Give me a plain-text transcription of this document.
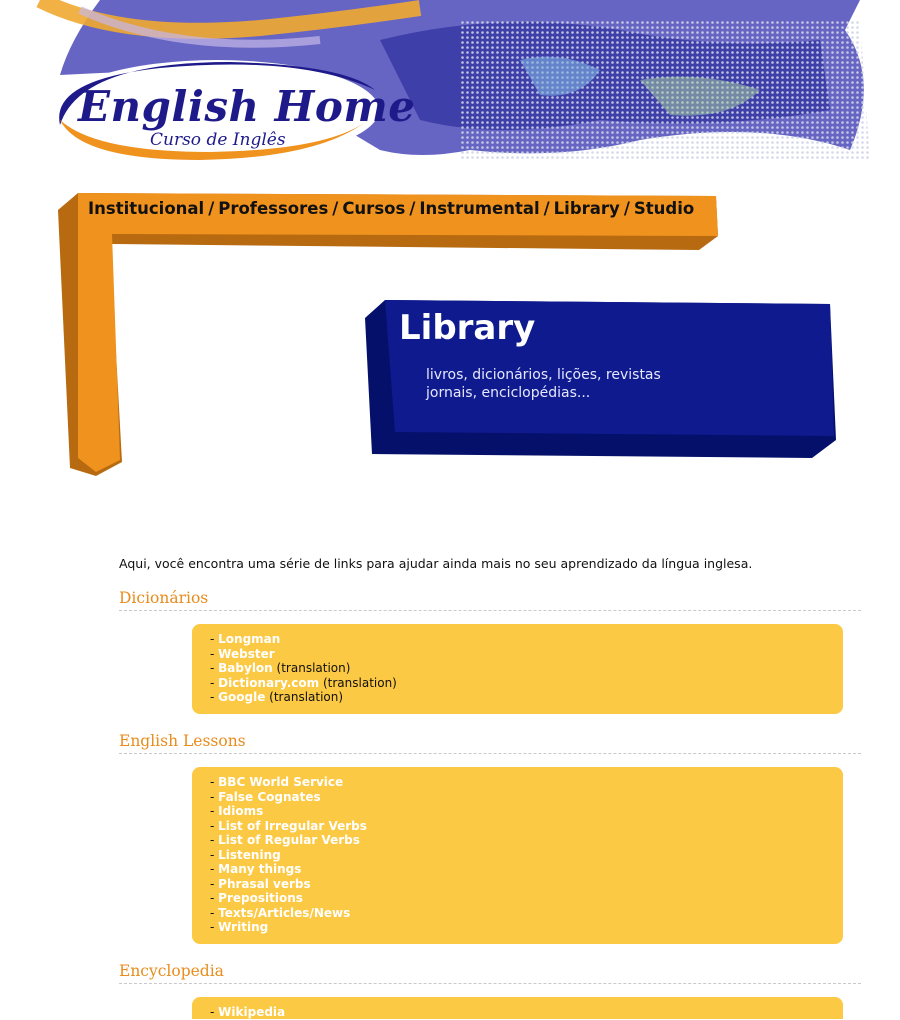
English Home
Curso de Inglês
Institucional / Professores / Cursos / Instrumental / Library / Studio
Library
livros, dicionários, lições, revistas
jornais, enciclopédias...

Aqui, você encontra uma série de links para ajudar ainda mais no seu aprendizado da língua inglesa.

Dicionários
- Longman
- Webster
- Babylon (translation)
- Dictionary.com (translation)
- Google (translation)
English Lessons
- BBC World Service
- False Cognates
- Idioms
- List of Irregular Verbs
- List of Regular Verbs
- Listening
- Many things
- Phrasal verbs
- Prepositions
- Texts/Articles/News
- Writing
Encyclopedia
- Wikipedia
